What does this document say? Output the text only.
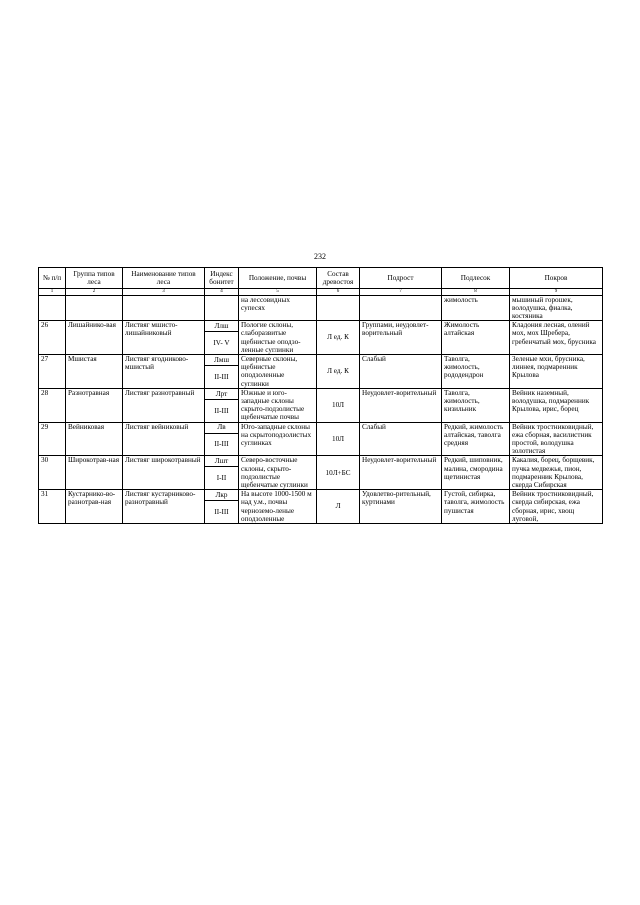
232
№ п/п	Группа типов леса	Наименование типов леса	Индекс бонитет	Положение, почвы	Состав древостоя	Подрост	Подлесок	Покров
1	2	3	4	5	6	7	8	9
				на лессовидных супесях			жимолость	мышиный горошек, володушка, фиалка, костяника
26	Лишайнико-вая	Листвяг мшисто-лишайниковый	Ллш	Пологие склоны, слаборазвитые щебнистые оподзо-ленные суглинки	Л ед. К	Группами, неудовлет-ворительный	Жимолость алтайская	Кладония лесная, олений мох, мох Шребера, гребенчатый мох, брусника
			IV- V					
27	Мшистая	Листвяг ягодниково-мшистый	Лмш	Северные склоны, щебнистые оподзоленные суглинки	Л ед. К	Слабый	Таволга, жимолость, рододендрон	Зеленые мхи, брусника, линнея, подмаренник Крылова
			II-III					
28	Разнотравная	Листвяг разнотравный	Лрт	Южные и юго-западные склоны скрыто-подзолистые щебенчатые почвы	10Л	Неудовлет-ворительный	Таволга, жимолость, кизильник	Вейник наземный, володушка, подмаренник Крылова, ирис, борец
			II-III					
29	Вейниковая	Листвяг вейниковый	Лв	Юго-западные склоны на скрытоподзолистых суглинках	10Л	Слабый	Редкий, жимолость алтайская, таволга средняя	Вейник тростниковидный, ежа сборная, василистник простой, володушка золотистая
			II-III					
30	Широкотрав-ная	Листвяг широкотравный	Лшт	Северо-восточные склоны, скрыто-подзолистые щебенчатые суглинки	10Л+БС	Неудовлет-ворительный	Редкий, шиповник, малина, смородина щетинистая	Какалия, борец, борщевик, пучка медвежья, пион, подмаренник Крылова, скерда Сибирская
			I-II					
31	Кустарнико-во-разнотрав-ная	Листвяг кустарниково-разнотравный	Лкр	На высоте 1000-1500 м над у.м., почвы черноземо-леные оподзоленные	Л	Удовлетво-рительный, куртинами	Густой, сибирка, таволга, жимолость пушистая	Вейник тростниковидный, скерда сибирская, ежа сборная, ирис, хвощ луговой,
			II-III					
